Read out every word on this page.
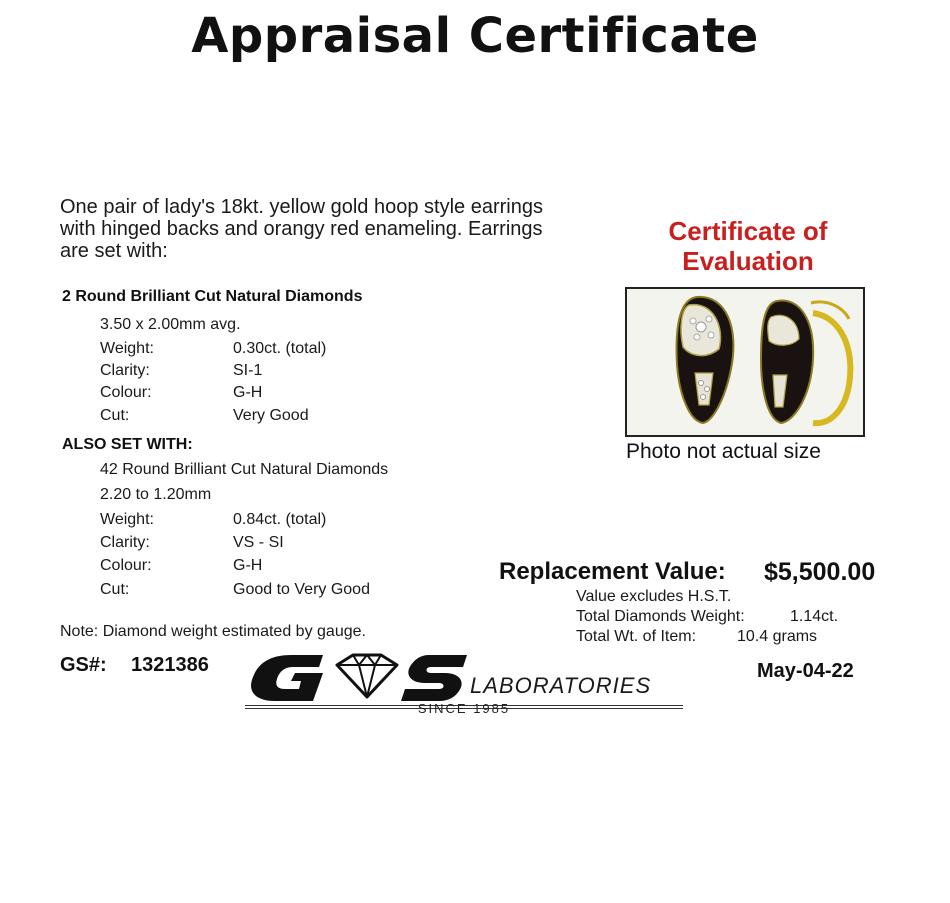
Appraisal Certificate
One pair of lady's 18kt. yellow gold hoop style earrings
with hinged backs and orangy red enameling. Earrings
are set with:
2 Round Brilliant Cut Natural Diamonds
3.50 x 2.00mm avg.
Weight:	0.30ct. (total)
Clarity:	SI-1
Colour:	G-H
Cut:	Very Good
ALSO SET WITH:
42 Round Brilliant Cut Natural Diamonds
2.20 to 1.20mm
Weight:	0.84ct. (total)
Clarity:	VS - SI
Colour:	G-H
Cut:	Good to Very Good
Note: Diamond weight estimated by gauge.
Certificate of
Evaluation
Photo not actual size
Replacement Value: $5,500.00
Value excludes H.S.T.
Total Diamonds Weight:	1.14ct.
Total Wt. of Item:	10.4 grams
GS#: 1321386	May-04-22
LABORATORIES
SINCE 1985
